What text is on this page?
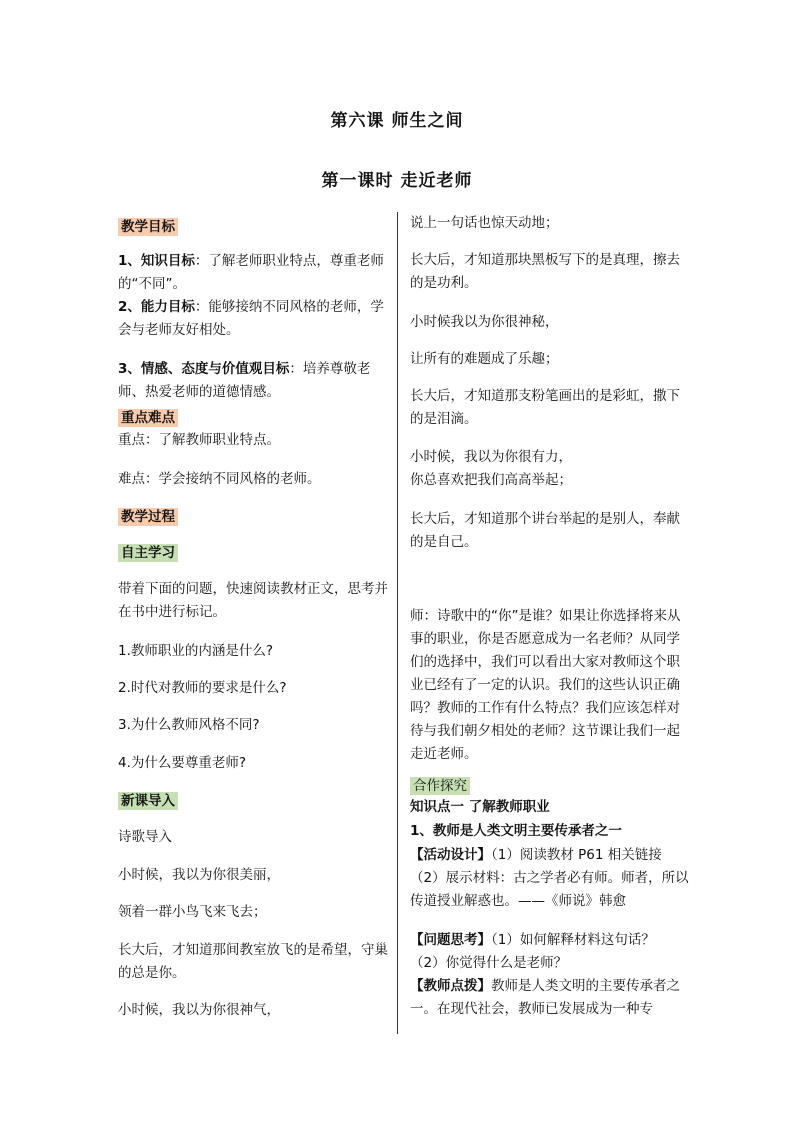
第六课 师生之间
第一课时 走近老师
教学目标

1、知识目标：了解老师职业特点，尊重老师的“不同”。

2、能力目标：能够接纳不同风格的老师，学会与老师友好相处。

3、情感、态度与价值观目标：培养尊敬老师、热爱老师的道德情感。

重点难点
重点：了解教师职业特点。
难点：学会接纳不同风格的老师。
教学过程
自主学习
带着下面的问题，快速阅读教材正文，思考并在书中进行标记。
1.教师职业的内涵是什么?
2.时代对教师的要求是什么?
3.为什么教师风格不同?
4.为什么要尊重老师?
新课导入
诗歌导入
小时候，我以为你很美丽，
领着一群小鸟飞来飞去；
长大后，才知道那间教室放飞的是希望，守巢的总是你。
小时候，我以为你很神气，
说上一句话也惊天动地；
长大后，才知道那块黑板写下的是真理，擦去的是功利。
小时候我以为你很神秘，
让所有的难题成了乐趣；
长大后，才知道那支粉笔画出的是彩虹，撒下的是泪滴。
小时候，我以为你很有力，
你总喜欢把我们高高举起；
长大后，才知道那个讲台举起的是别人，奉献的是自己。
师：诗歌中的“你”是谁？如果让你选择将来从事的职业，你是否愿意成为一名老师？从同学们的选择中，我们可以看出大家对教师这个职业已经有了一定的认识。我们的这些认识正确吗？教师的工作有什么特点？我们应该怎样对待与我们朝夕相处的老师？这节课让我们一起走近老师。
合作探究
知识点一 了解教师职业
1、教师是人类文明主要传承者之一
【活动设计】（1）阅读教材 P61 相关链接
（2）展示材料：古之学者必有师。师者，所以传道授业解惑也。——《师说》韩愈
【问题思考】（1）如何解释材料这句话？
（2）你觉得什么是老师？
【教师点拨】教师是人类文明的主要传承者之一。在现代社会，教师已发展成为一种专
